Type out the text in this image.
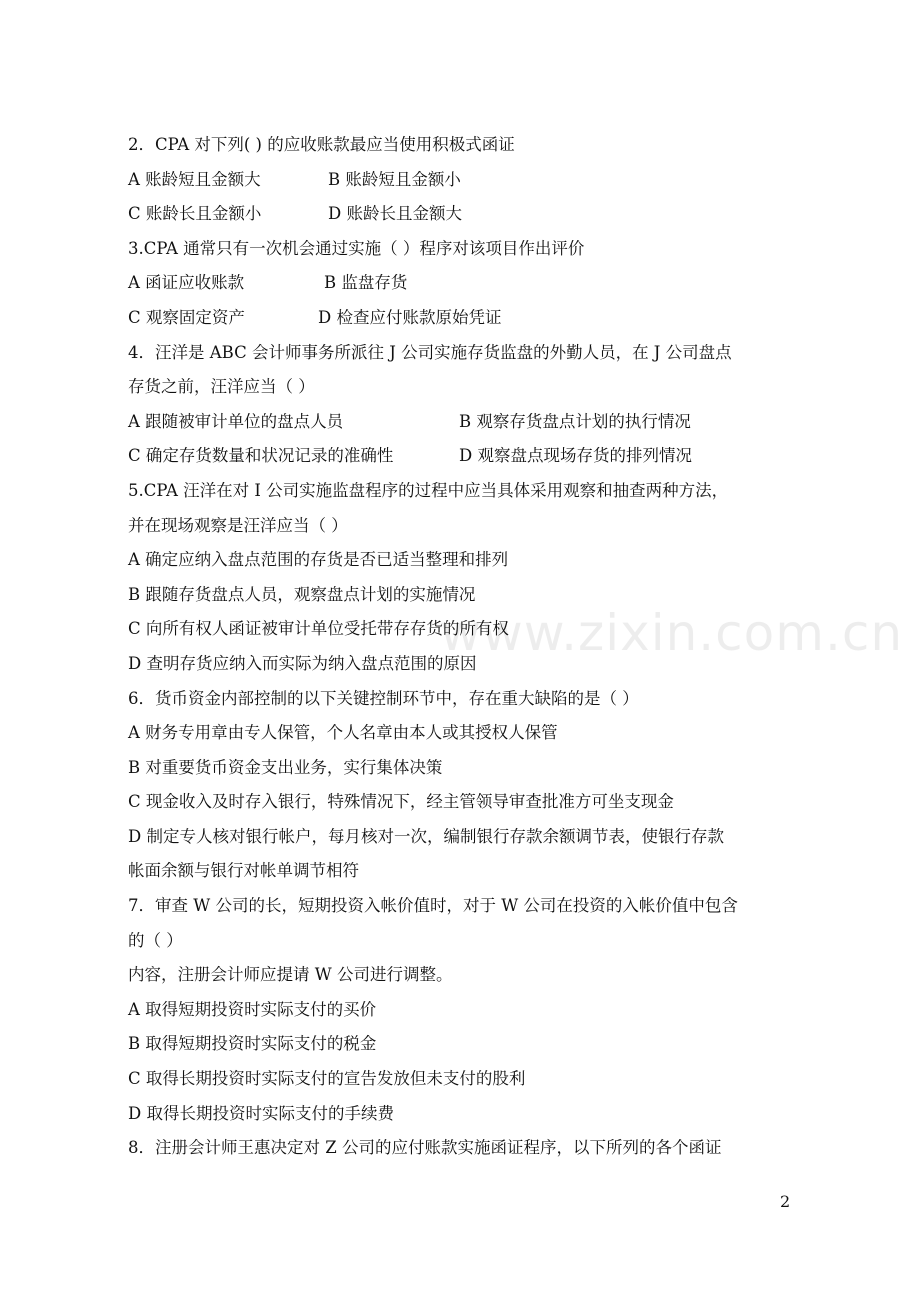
2．CPA 对下列( ) 的应收账款最应当使用积极式函证
A 账龄短且金额大	B 账龄短且金额小
C 账龄长且金额小	D 账龄长且金额大
3.CPA 通常只有一次机会通过实施（ ）程序对该项目作出评价
A 函证应收账款	B 监盘存货
C 观察固定资产	D 检查应付账款原始凭证
4．汪洋是 ABC 会计师事务所派往 J 公司实施存货监盘的外勤人员，在 J 公司盘点
存货之前，汪洋应当（ ）
A 跟随被审计单位的盘点人员	B 观察存货盘点计划的执行情况
C 确定存货数量和状况记录的准确性	D 观察盘点现场存货的排列情况
5.CPA 汪洋在对 I 公司实施监盘程序的过程中应当具体采用观察和抽查两种方法，
并在现场观察是汪洋应当（ ）
A 确定应纳入盘点范围的存货是否已适当整理和排列
B 跟随存货盘点人员，观察盘点计划的实施情况
C 向所有权人函证被审计单位受托带存存货的所有权
D 查明存货应纳入而实际为纳入盘点范围的原因
6．货币资金内部控制的以下关键控制环节中，存在重大缺陷的是（ ）
A 财务专用章由专人保管，个人名章由本人或其授权人保管
B 对重要货币资金支出业务，实行集体决策
C 现金收入及时存入银行，特殊情况下，经主管领导审查批准方可坐支现金
D 制定专人核对银行帐户，每月核对一次，编制银行存款余额调节表，使银行存款
帐面余额与银行对帐单调节相符
7．审查 W 公司的长，短期投资入帐价值时，对于 W 公司在投资的入帐价值中包含
的（ ）
内容，注册会计师应提请 W 公司进行调整。
A 取得短期投资时实际支付的买价
B 取得短期投资时实际支付的税金
C 取得长期投资时实际支付的宣告发放但未支付的股利
D 取得长期投资时实际支付的手续费
8．注册会计师王惠决定对 Z 公司的应付账款实施函证程序，以下所列的各个函证
www.zixin.com.cn
2
